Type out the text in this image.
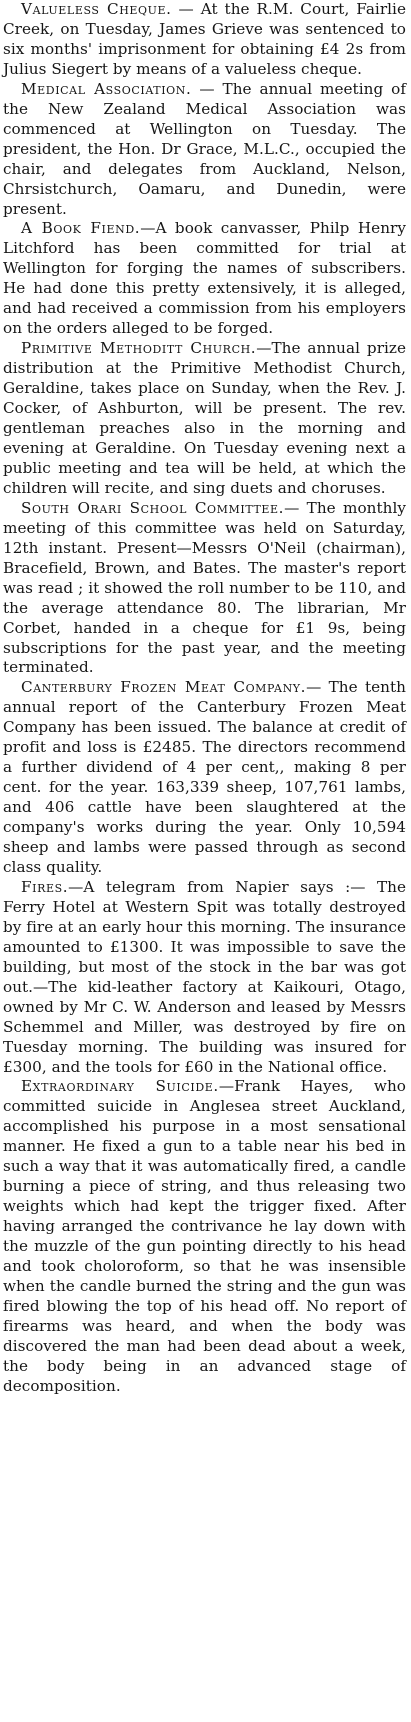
Valueless Cheque. — At the R.M. Court, Fairlie Creek, on Tuesday, James Grieve was sentenced to six months' imprisonment for obtaining £4 2s from Julius Siegert by means of a valueless cheque.

Medical Association. — The annual meeting of the New Zealand Medical Association was commenced at Wellington on Tuesday. The president, the Hon. Dr Grace, M.L.C., occupied the chair, and delegates from Auckland, Nelson, Chrsistchurch, Oamaru, and Dunedin, were present.

A Book Fiend.—A book canvasser, Philp Henry Litchford has been committed for trial at Wellington for forging the names of subscribers. He had done this pretty extensively, it is alleged, and had received a commission from his employers on the orders alleged to be forged.

Primitive Methoditt Church.—The annual prize distribution at the Primitive Methodist Church, Geraldine, takes place on Sunday, when the Rev. J. Cocker, of Ashburton, will be present. The rev. gentleman preaches also in the morning and evening at Geraldine. On Tuesday evening next a public meeting and tea will be held, at which the children will recite, and sing duets and choruses.

South Orari School Committee.— The monthly meeting of this committee was held on Saturday, 12th instant. Present—Messrs O'Neil (chairman), Bracefield, Brown, and Bates. The master's report was read ; it showed the roll number to be 110, and the average attendance 80. The librarian, Mr Corbet, handed in a cheque for £1 9s, being subscriptions for the past year, and the meeting terminated.

Canterbury Frozen Meat Company.— The tenth annual report of the Canterbury Frozen Meat Company has been issued. The balance at credit of profit and loss is £2485. The directors recommend a further dividend of 4 per cent,, making 8 per cent. for the year. 163,339 sheep, 107,761 lambs, and 406 cattle have been slaughtered at the company's works during the year. Only 10,594 sheep and lambs were passed through as second class quality.

Fires.—A telegram from Napier says :— The Ferry Hotel at Western Spit was totally destroyed by fire at an early hour this morning. The insurance amounted to £1300. It was impossible to save the building, but most of the stock in the bar was got out.—The kid-leather factory at Kaikouri, Otago, owned by Mr C. W. Anderson and leased by Messrs Schemmel and Miller, was destroyed by fire on Tuesday morning. The building was insured for £300, and the tools for £60 in the National office.

Extraordinary Suicide.—Frank Hayes, who committed suicide in Anglesea street Auckland, accomplished his purpose in a most sensational manner. He fixed a gun to a table near his bed in such a way that it was automatically fired, a candle burning a piece of string, and thus releasing two weights which had kept the trigger fixed. After having arranged the contrivance he lay down with the muzzle of the gun pointing directly to his head and took choloroform, so that he was insensible when the candle burned the string and the gun was fired blowing the top of his head off. No report of firearms was heard, and when the body was discovered the man had been dead about a week, the body being in an advanced stage of decomposition.
